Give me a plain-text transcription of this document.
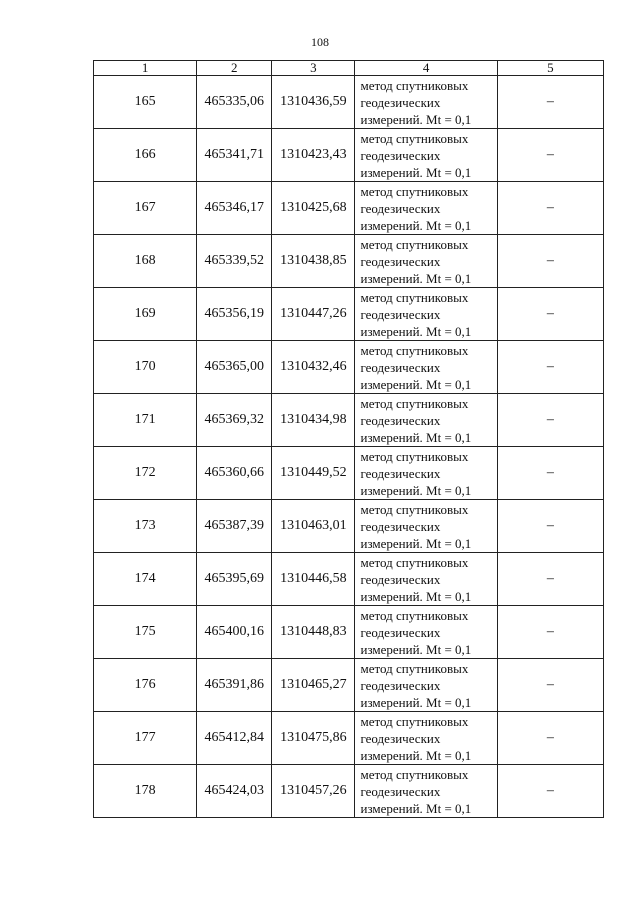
108
1	2	3	4	5
165	465335,06	1310436,59	метод спутниковых
геодезических
измерений. Mt = 0,1	–
166	465341,71	1310423,43	метод спутниковых
геодезических
измерений. Mt = 0,1	–
167	465346,17	1310425,68	метод спутниковых
геодезических
измерений. Mt = 0,1	–
168	465339,52	1310438,85	метод спутниковых
геодезических
измерений. Mt = 0,1	–
169	465356,19	1310447,26	метод спутниковых
геодезических
измерений. Mt = 0,1	–
170	465365,00	1310432,46	метод спутниковых
геодезических
измерений. Mt = 0,1	–
171	465369,32	1310434,98	метод спутниковых
геодезических
измерений. Mt = 0,1	–
172	465360,66	1310449,52	метод спутниковых
геодезических
измерений. Mt = 0,1	–
173	465387,39	1310463,01	метод спутниковых
геодезических
измерений. Mt = 0,1	–
174	465395,69	1310446,58	метод спутниковых
геодезических
измерений. Mt = 0,1	–
175	465400,16	1310448,83	метод спутниковых
геодезических
измерений. Mt = 0,1	–
176	465391,86	1310465,27	метод спутниковых
геодезических
измерений. Mt = 0,1	–
177	465412,84	1310475,86	метод спутниковых
геодезических
измерений. Mt = 0,1	–
178	465424,03	1310457,26	метод спутниковых
геодезических
измерений. Mt = 0,1	–
